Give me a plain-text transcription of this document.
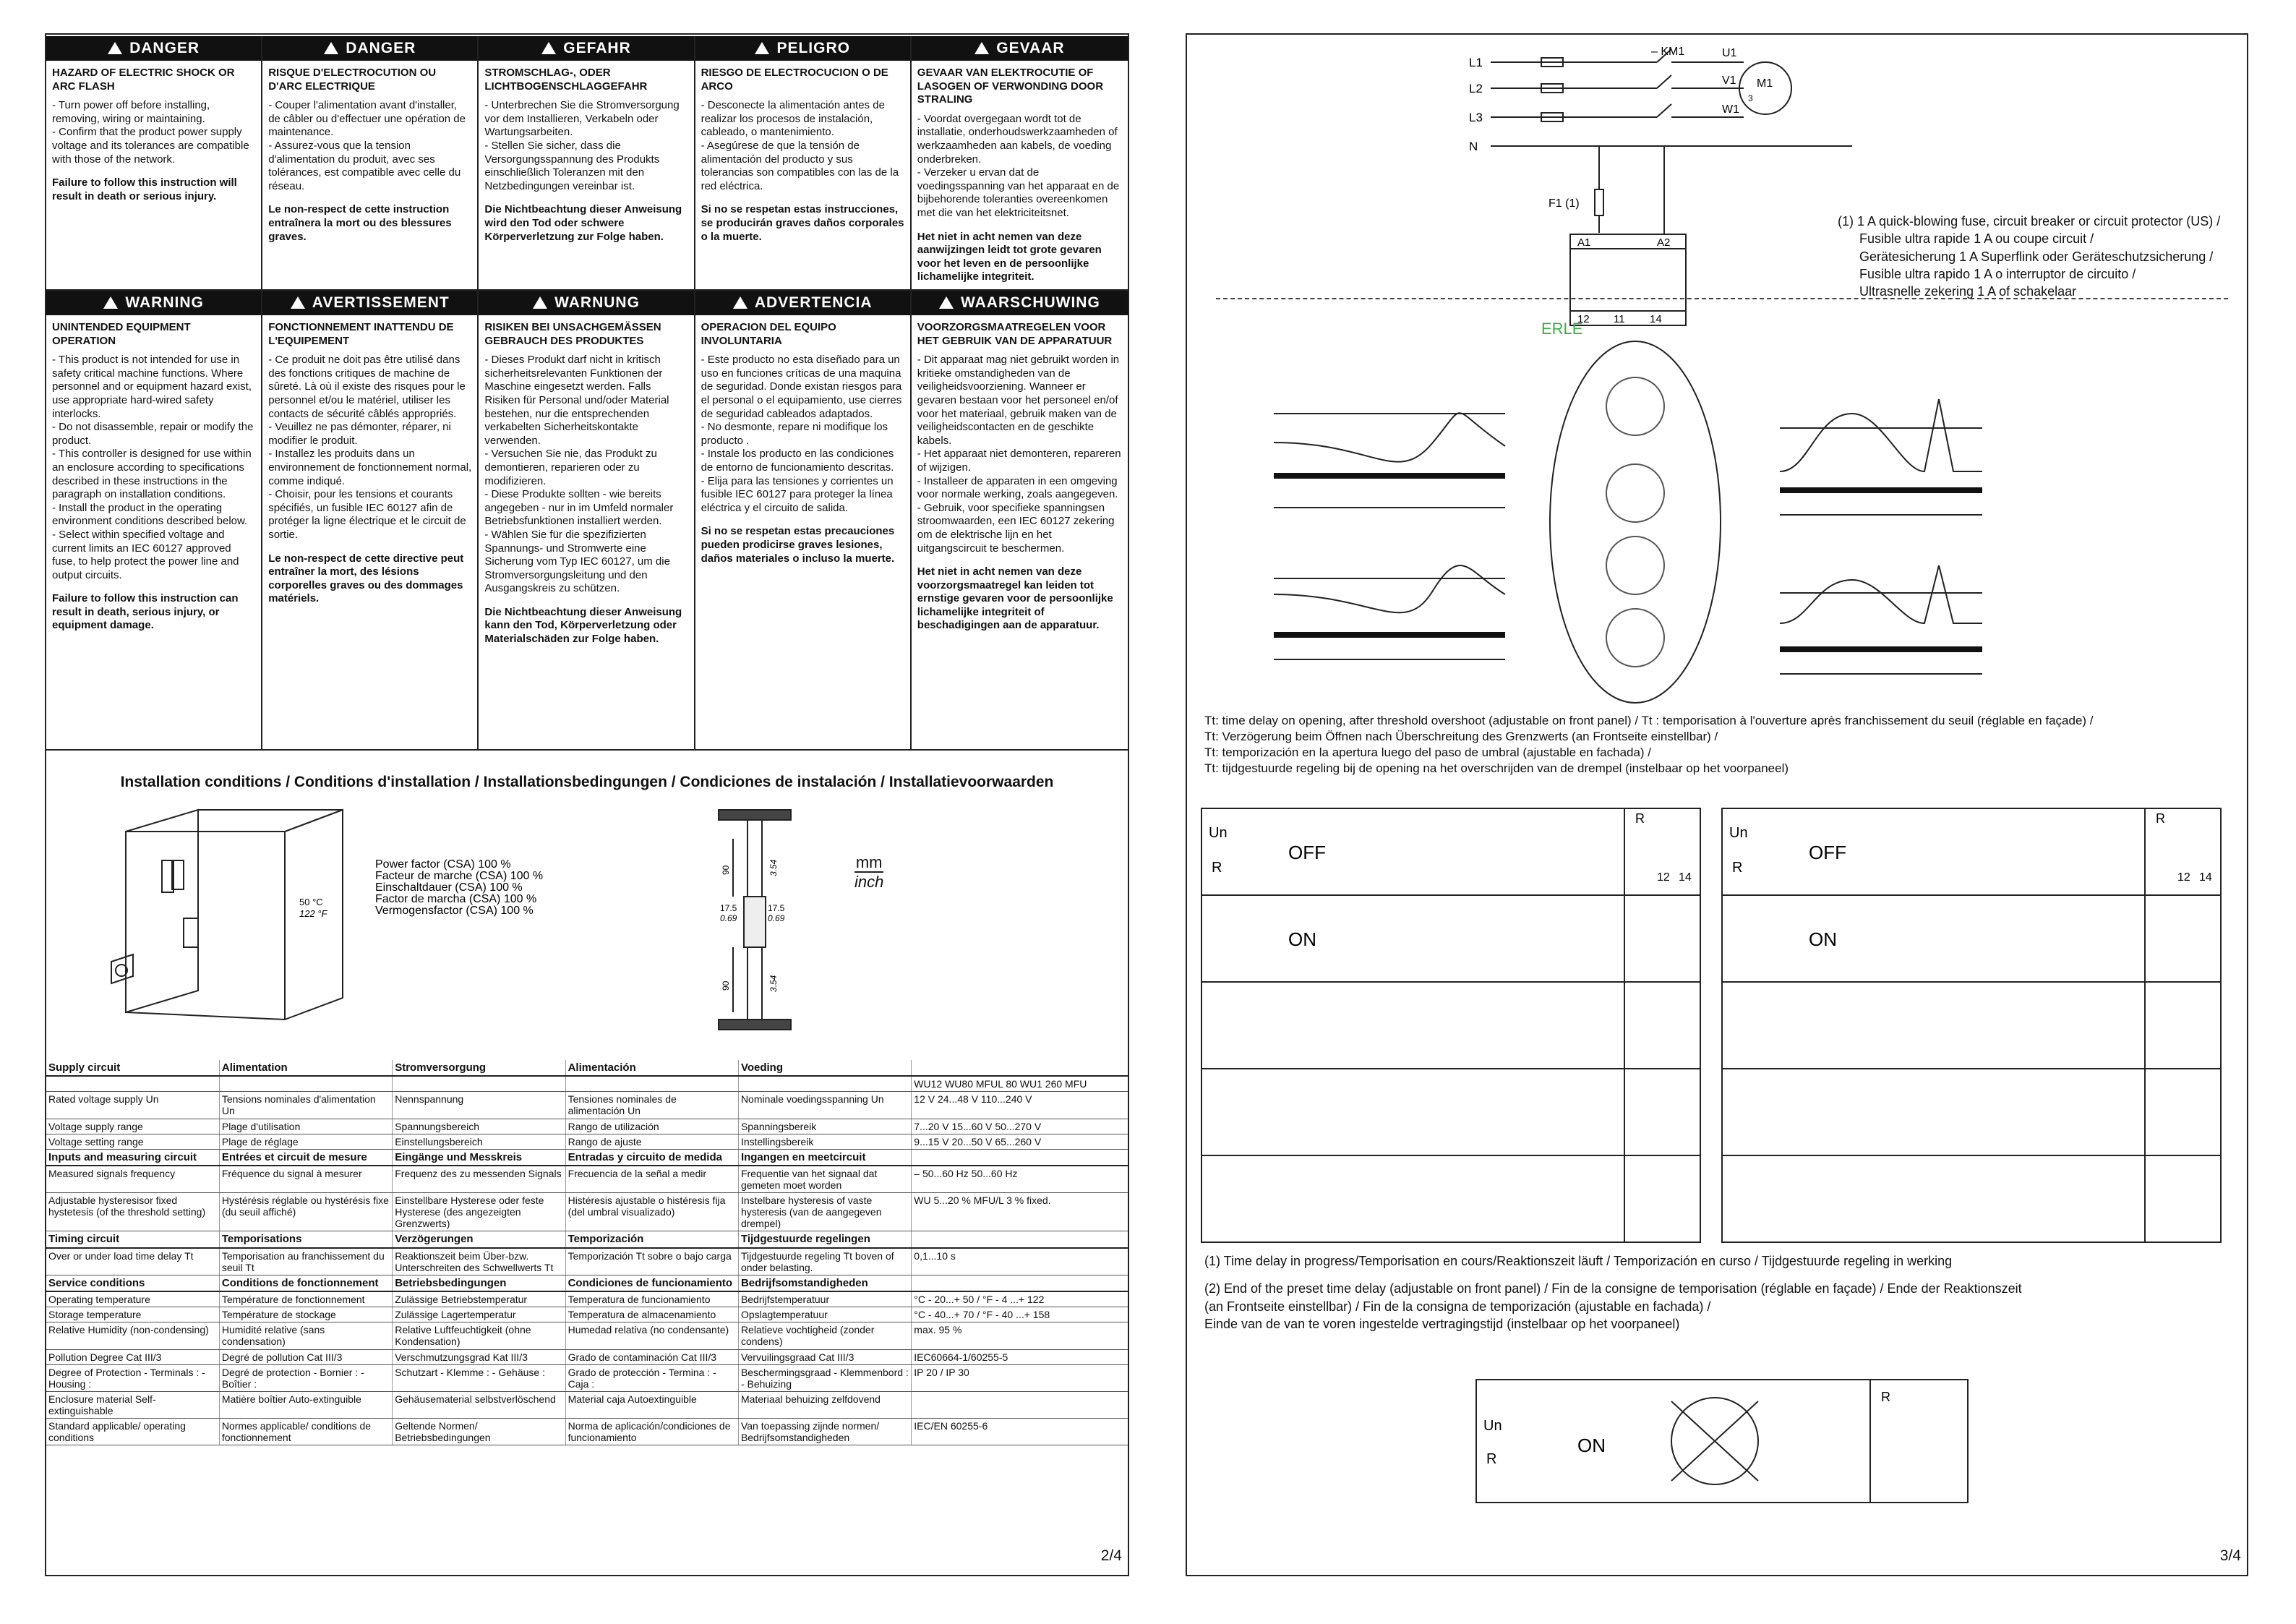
DANGER
HAZARD OF ELECTRIC SHOCK OR ARC FLASH
- Turn power off before installing, removing, wiring or maintaining.
- Confirm that the product power supply voltage and its tolerances are compatible with those of the network.
Failure to follow this instruction will result in death or serious injury.
DANGER
RISQUE D'ELECTROCUTION OU D'ARC ELECTRIQUE
- Couper l'alimentation avant d'installer, de câbler ou d'effectuer une opération de maintenance.
- Assurez-vous que la tension d'alimentation du produit, avec ses tolérances, est compatible avec celle du réseau.
Le non-respect de cette instruction entraînera la mort ou des blessures graves.
GEFAHR
STROMSCHLAG-, ODER LICHTBOGENSCHLAGGEFAHR
- Unterbrechen Sie die Stromversorgung vor dem Installieren, Verkabeln oder Wartungsarbeiten.
- Stellen Sie sicher, dass die Versorgungsspannung des Produkts einschließlich Toleranzen mit den Netzbedingungen vereinbar ist.
Die Nichtbeachtung dieser Anweisung wird den Tod oder schwere Körperverletzung zur Folge haben.
PELIGRO
RIESGO DE ELECTROCUCION O DE ARCO
- Desconecte la alimentación antes de realizar los procesos de instalación, cableado, o mantenimiento.
- Asegúrese de que la tensión de alimentación del producto y sus tolerancias son compatibles con las de la red eléctrica.
Si no se respetan estas instrucciones, se producirán graves daños corporales o la muerte.
GEVAAR
GEVAAR VAN ELEKTROCUTIE OF LASOGEN OF VERWONDING DOOR STRALING
- Voordat overgegaan wordt tot de installatie, onderhoudswerkzaamheden of werkzaamheden aan kabels, de voeding onderbreken.
- Verzeker u ervan dat de voedingsspanning van het apparaat en de bijbehorende toleranties overeenkomen met die van het elektriciteitsnet.
Het niet in acht nemen van deze aanwijzingen leidt tot grote gevaren voor het leven en de persoonlijke lichamelijke integriteit.
WARNING
UNINTENDED EQUIPMENT OPERATION
- This product is not intended for use in safety critical machine functions. Where personnel and or equipment hazard exist, use appropriate hard-wired safety interlocks.
- Do not disassemble, repair or modify the product.
- This controller is designed for use within an enclosure according to specifications described in these instructions in the paragraph on installation conditions.
- Install the product in the operating environment conditions described below.
- Select within specified voltage and current limits an IEC 60127 approved fuse, to help protect the power line and output circuits.
Failure to follow this instruction can result in death, serious injury, or equipment damage.
AVERTISSEMENT
FONCTIONNEMENT INATTENDU DE L'EQUIPEMENT
- Ce produit ne doit pas être utilisé dans des fonctions critiques de machine de sûreté. Là où il existe des risques pour le personnel et/ou le matériel, utiliser les contacts de sécurité câblés appropriés.
- Veuillez ne pas démonter, réparer, ni modifier le produit.
- Installez les produits dans un environnement de fonctionnement normal, comme indiqué.
- Choisir, pour les tensions et courants spécifiés, un fusible IEC 60127 afin de protéger la ligne électrique et le circuit de sortie.
Le non-respect de cette directive peut entraîner la mort, des lésions corporelles graves ou des dommages matériels.
WARNUNG
RISIKEN BEI UNSACHGEMÄSSEN GEBRAUCH DES PRODUKTES
- Dieses Produkt darf nicht in kritisch sicherheitsrelevanten Funktionen der Maschine eingesetzt werden. Falls Risiken für Personal und/oder Material bestehen, nur die entsprechenden verkabelten Sicherheitskontakte verwenden.
- Versuchen Sie nie, das Produkt zu demontieren, reparieren oder zu modifizieren.
- Diese Produkte sollten - wie bereits angegeben - nur in im Umfeld normaler Betriebsfunktionen installiert werden.
- Wählen Sie für die spezifizierten Spannungs- und Stromwerte eine Sicherung vom Typ IEC 60127, um die Stromversorgungsleitung und den Ausgangskreis zu schützen.
Die Nichtbeachtung dieser Anweisung kann den Tod, Körperverletzung oder Materialschäden zur Folge haben.
ADVERTENCIA
OPERACION DEL EQUIPO INVOLUNTARIA
- Este producto no esta diseñado para un uso en funciones críticas de una maquina de seguridad. Donde existan riesgos para el personal o el equipamiento, use cierres de seguridad cableados adaptados.
- No desmonte, repare ni modifique los producto .
- Instale los producto en las condiciones de entorno de funcionamiento descritas.
- Elija para las tensiones y corrientes un fusible IEC 60127 para proteger la línea eléctrica y el circuito de salida.
Si no se respetan estas precauciones pueden prodicirse graves lesiones, daños materiales o incluso la muerte.
WAARSCHUWING
VOORZORGSMAATREGELEN VOOR HET GEBRUIK VAN DE APPARATUUR
- Dit apparaat mag niet gebruikt worden in kritieke omstandigheden van de veiligheidsvoorziening. Wanneer er gevaren bestaan voor het personeel en/of voor het materiaal, gebruik maken van de veiligheidscontacten en de geschikte kabels.
- Het apparaat niet demonteren, repareren of wijzigen.
- Installeer de apparaten in een omgeving voor normale werking, zoals aangegeven.
- Gebruik, voor specifieke spanningsen stroomwaarden, een IEC 60127 zekering om de elektrische lijn en het uitgangscircuit te beschermen.
Het niet in acht nemen van deze voorzorgsmaatregel kan leiden tot ernstige gevaren voor de persoonlijke lichamelijke integriteit of beschadigingen aan de apparatuur.
Installation conditions / Conditions d'installation / Installationsbedingungen / Condiciones de instalación / Installatievoorwaarden
50 °C
122 °F
Power factor (CSA) 100 %
Facteur de marche (CSA) 100 %
Einschaltdauer (CSA) 100 %
Factor de marcha (CSA) 100 %
Vermogensfactor (CSA) 100 %
90	3.54
17.5
0.69
17.5
0.69
90	3.54
mm
inch
Supply circuit	Alimentation	Stromversorgung	Alimentación	Voeding	
					WU12 WU80 MFUL 80 WU1 260 MFU
Rated voltage supply Un	Tensions nominales d'alimentation Un	Nennspannung	Tensiones nominales de alimentación Un	Nominale voedingsspanning Un	12 V 24...48 V 110...240 V
Voltage supply range	Plage d'utilisation	Spannungsbereich	Rango de utilización	Spanningsbereik	7...20 V 15...60 V 50...270 V
Voltage setting range	Plage de réglage	Einstellungsbereich	Rango de ajuste	Instellingsbereik	9...15 V 20...50 V 65...260 V
Inputs and measuring circuit	Entrées et circuit de mesure	Eingänge und Messkreis	Entradas y circuito de medida	Ingangen en meetcircuit	
Measured signals frequency	Fréquence du signal à mesurer	Frequenz des zu messenden Signals	Frecuencia de la señal a medir	Frequentie van het signaal dat gemeten moet worden	– 50...60 Hz 50...60 Hz
Adjustable hysteresisor fixed hystetesis (of the threshold setting)	Hystérésis réglable ou hystérésis fixe (du seuil affiché)	Einstellbare Hysterese oder feste Hysterese (des angezeigten Grenzwerts)	Histéresis ajustable o histéresis fija (del umbral visualizado)	Instelbare hysteresis of vaste hysteresis (van de aangegeven drempel)	WU 5...20 % MFU/L 3 % fixed.
Timing circuit	Temporisations	Verzögerungen	Temporización	Tijdgestuurde regelingen	
Over or under load time delay Tt	Temporisation au franchissement du seuil Tt	Reaktionszeit beim Über-bzw. Unterschreiten des Schwellwerts Tt	Temporización Tt sobre o bajo carga	Tijdgestuurde regeling Tt boven of onder belasting.	0,1...10 s
Service conditions	Conditions de fonctionnement	Betriebsbedingungen	Condiciones de funcionamiento	Bedrijfsomstandigheden	
Operating temperature	Température de fonctionnement	Zulässige Betriebstemperatur	Temperatura de funcionamiento	Bedrijfstemperatuur	°C - 20...+ 50 / °F - 4 ...+ 122
Storage temperature	Température de stockage	Zulässige Lagertemperatur	Temperatura de almacenamiento	Opslagtemperatuur	°C - 40...+ 70 / °F - 40 ...+ 158
Relative Humidity (non-condensing)	Humidité relative (sans condensation)	Relative Luftfeuchtigkeit (ohne Kondensation)	Humedad relativa (no condensante)	Relatieve vochtigheid (zonder condens)	max. 95 %
Pollution Degree Cat III/3	Degré de pollution Cat III/3	Verschmutzungsgrad Kat III/3	Grado de contaminación Cat III/3	Vervuilingsgraad Cat III/3	IEC60664-1/60255-5
Degree of Protection - Terminals : - Housing :	Degré de protection - Bornier : - Boîtier :	Schutzart - Klemme : - Gehäuse :	Grado de protección - Termina : - Caja :	Beschermingsgraad - Klemmenbord : - Behuizing	IP 20 / IP 30
Enclosure material Self-extinguishable	Matière boîtier Auto-extinguible	Gehäusematerial selbstverlöschend	Material caja Autoextinguible	Materiaal behuizing zelfdovend	
Standard applicable/ operating conditions	Normes applicable/ conditions de fonctionnement	Geltende Normen/ Betriebsbedingungen	Norma de aplicación/condiciones de funcionamiento	Van toepassing zijnde normen/ Bedrijfsomstandigheden	IEC/EN 60255-6
2/4
L1
L2
L3
N
– KM1	U1
V1
W1
M1
3
F1 (1)
A1	A2
12 11 14
(1) 1 A quick-blowing fuse, circuit breaker or circuit protector (US) /
Fusible ultra rapide 1 A ou coupe circuit /
Gerätesicherung 1 A Superflink oder Geräteschutzsicherung /
Fusible ultra rapido 1 A o interruptor de circuito /
Ultrasnelle zekering 1 A of schakelaar
ERLE
Tt: time delay on opening, after threshold overshoot (adjustable on front panel) / Tt : temporisation à l'ouverture après franchissement du seuil (réglable en façade) /
Tt: Verzögerung beim Öffnen nach Überschreitung des Grenzwerts (an Frontseite einstellbar) /
Tt: temporización en la apertura luego del paso de umbral (ajustable en fachada) /
Tt: tijdgestuurde regeling bij de opening na het overschrijden van de drempel (instelbaar op het voorpaneel)
Un
R
OFF
ON
Un
R
OFF
ON
R	R
12 14	12 14
(1) Time delay in progress/Temporisation en cours/Reaktionszeit läuft / Temporización en curso / Tijdgestuurde regeling in werking
(2) End of the preset time delay (adjustable on front panel) / Fin de la consigne de temporisation (réglable en façade) / Ende der Reaktionszeit
(an Frontseite einstellbar) / Fin de la consigna de temporización (ajustable en fachada) /
Einde van de van te voren ingestelde vertragingstijd (instelbaar op het voorpaneel)
Un
R
ON
R
3/4
